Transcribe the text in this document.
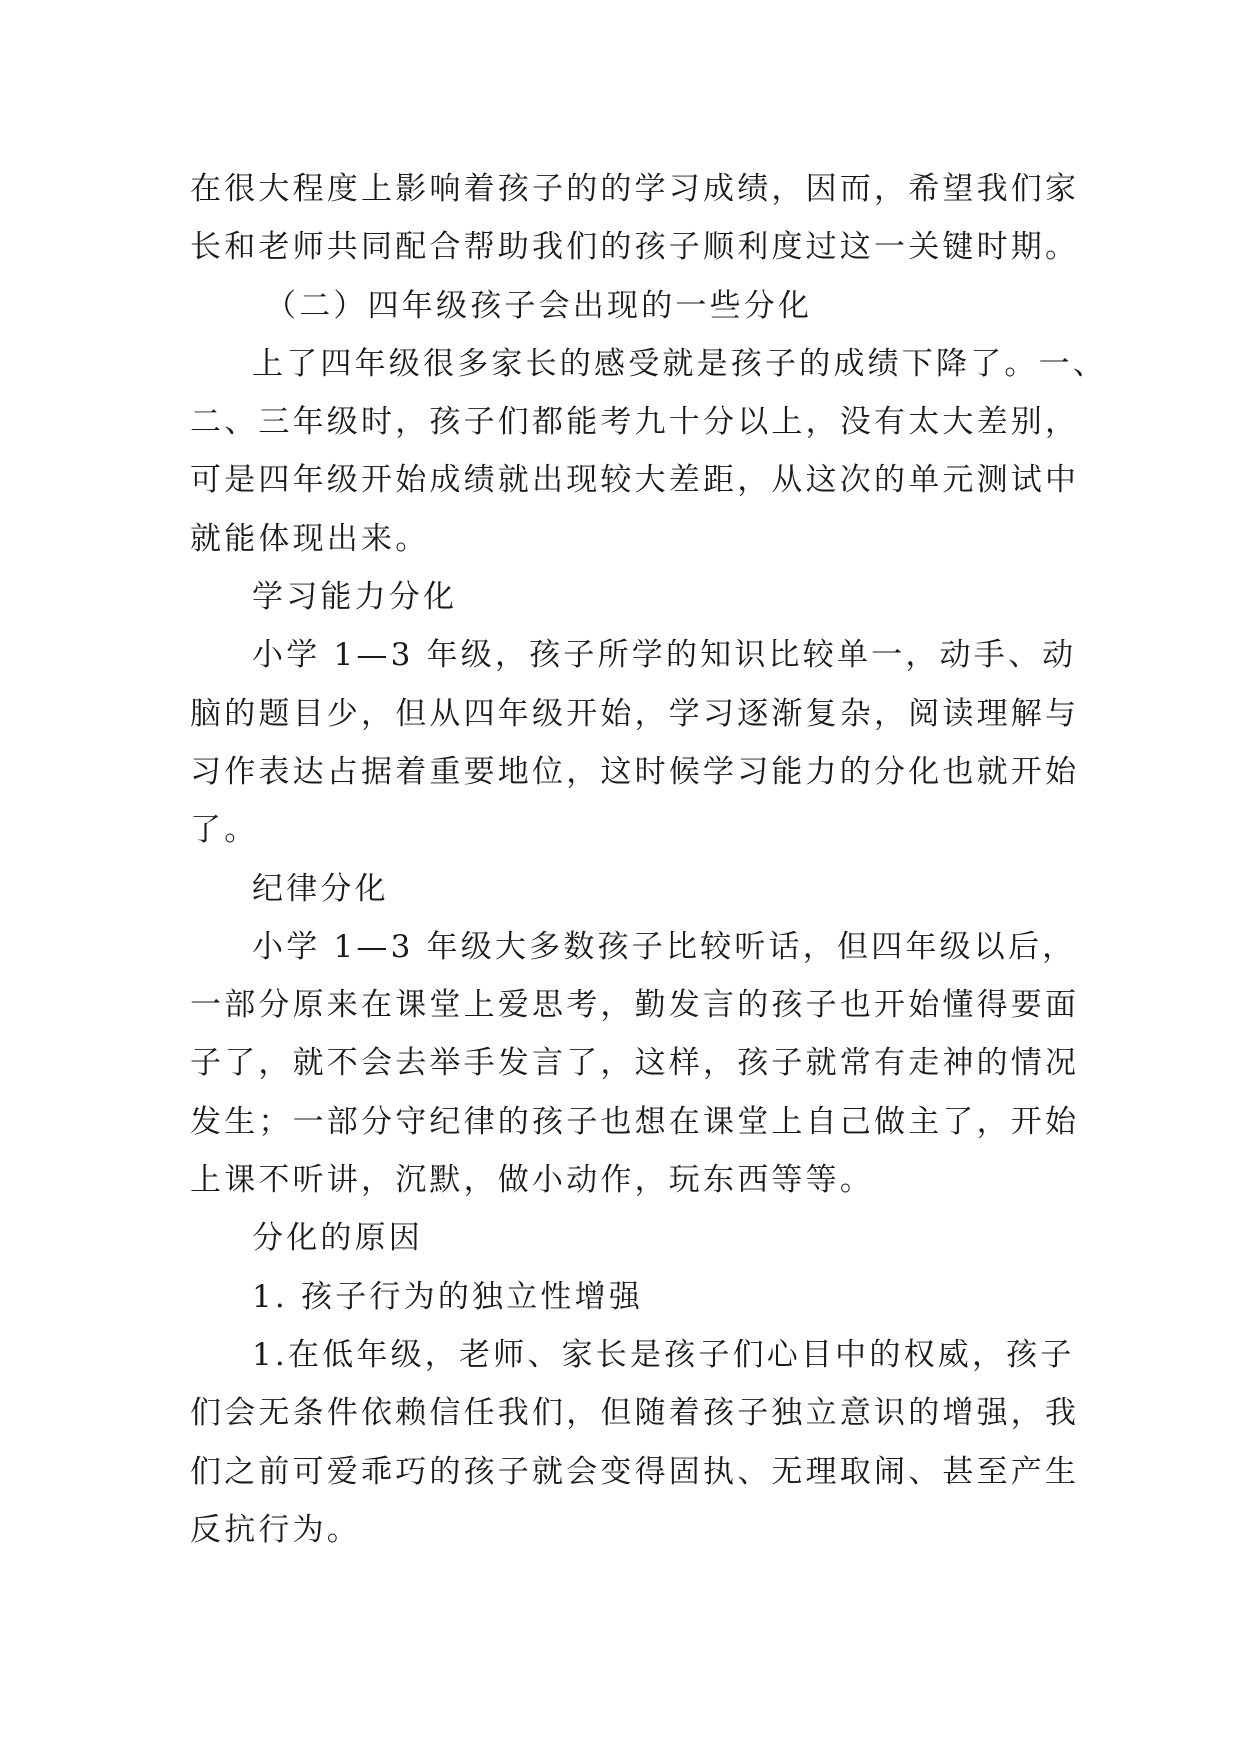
在很大程度上影响着孩子的的学习成绩，因而，希望我们家
长和老师共同配合帮助我们的孩子顺利度过这一关键时期。
（二）四年级孩子会出现的一些分化
上了四年级很多家长的感受就是孩子的成绩下降了。一、
二、三年级时，孩子们都能考九十分以上，没有太大差别，
可是四年级开始成绩就出现较大差距，从这次的单元测试中
就能体现出来。
学习能力分化
小学 1—3 年级，孩子所学的知识比较单一，动手、动
脑的题目少，但从四年级开始，学习逐渐复杂，阅读理解与
习作表达占据着重要地位，这时候学习能力的分化也就开始
了。
纪律分化
小学 1—3 年级大多数孩子比较听话，但四年级以后，
一部分原来在课堂上爱思考，勤发言的孩子也开始懂得要面
子了，就不会去举手发言了，这样，孩子就常有走神的情况
发生；一部分守纪律的孩子也想在课堂上自己做主了，开始
上课不听讲，沉默，做小动作，玩东西等等。
分化的原因
1. 孩子行为的独立性增强
1.在低年级，老师、家长是孩子们心目中的权威，孩子
们会无条件依赖信任我们，但随着孩子独立意识的增强，我
们之前可爱乖巧的孩子就会变得固执、无理取闹、甚至产生
反抗行为。
